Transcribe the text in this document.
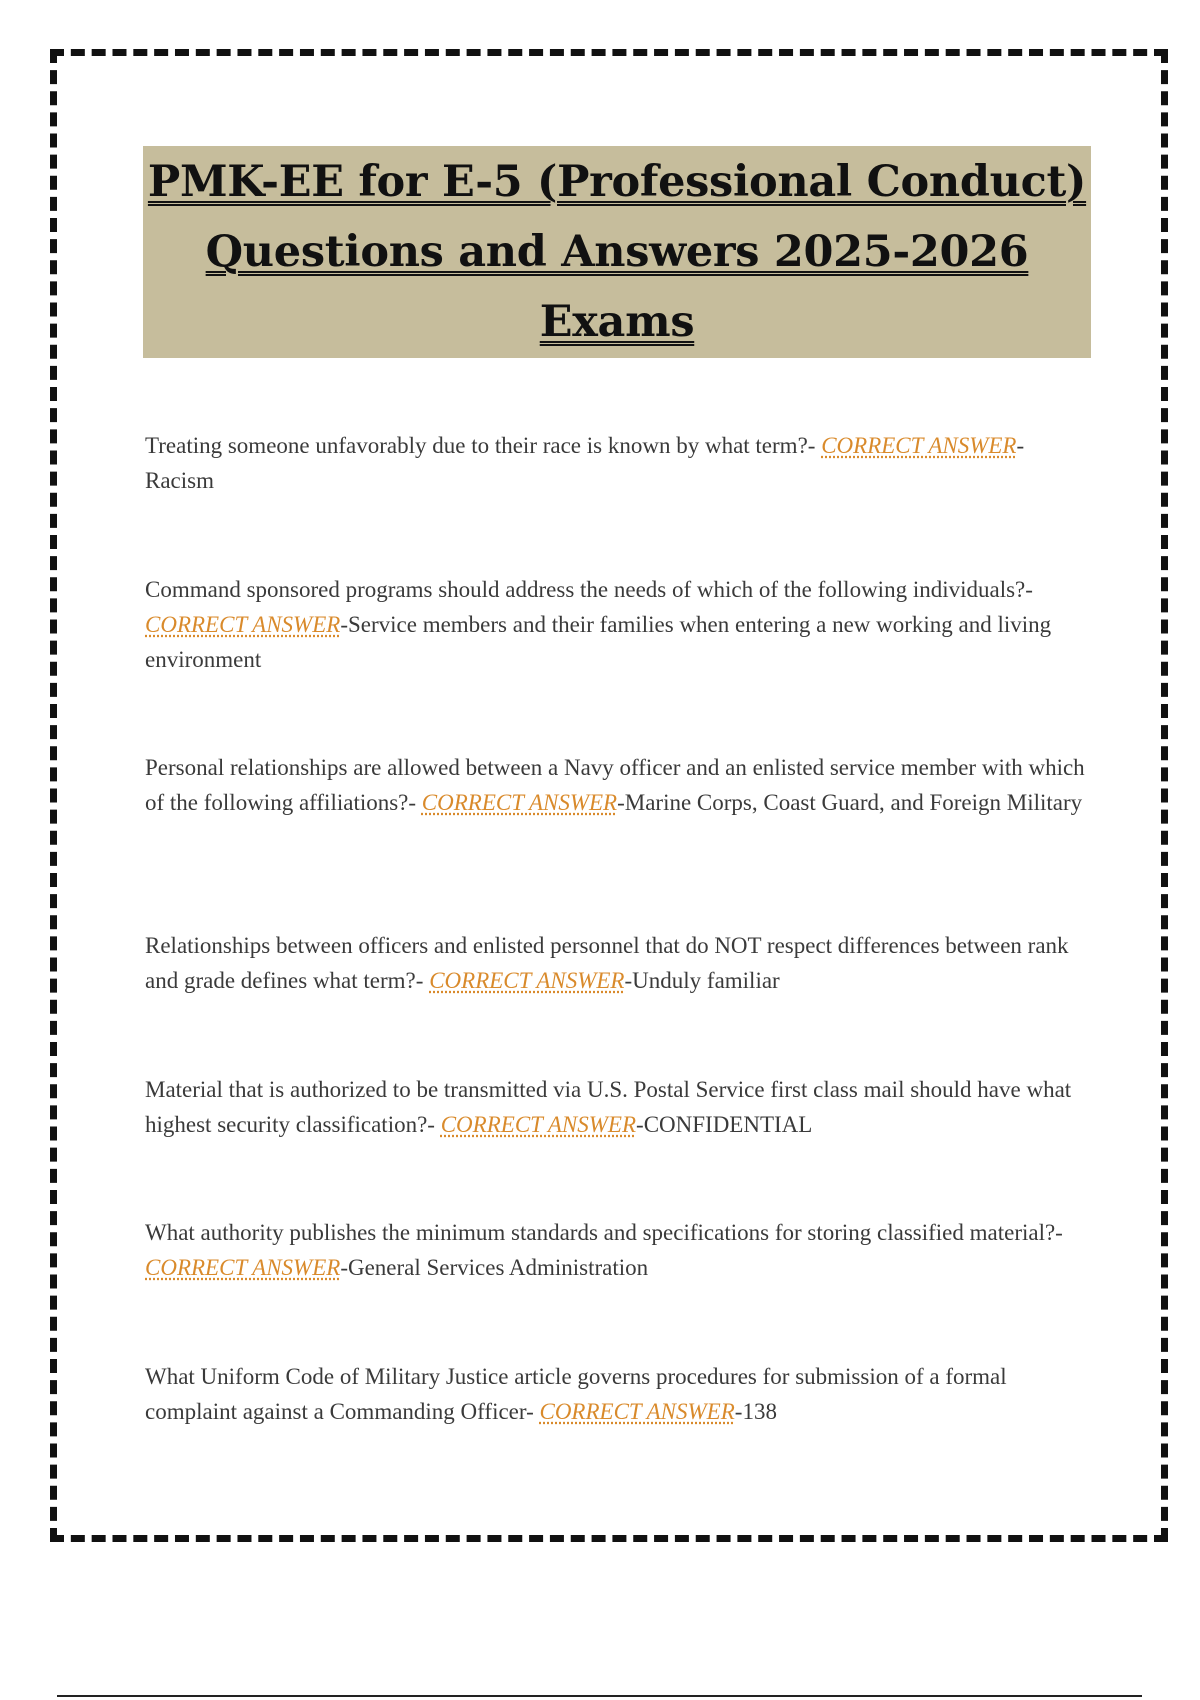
PMK-EE for E-5 (Professional Conduct)
Questions and Answers 2025-2026
Exams

Treating someone unfavorably due to their race is known by what term?- CORRECT ANSWER-Racism

Command sponsored programs should address the needs of which of the following individuals?- CORRECT ANSWER-Service members and their families when entering a new working and living environment

Personal relationships are allowed between a Navy officer and an enlisted service member with which of the following affiliations?- CORRECT ANSWER-Marine Corps, Coast Guard, and Foreign Military

Relationships between officers and enlisted personnel that do NOT respect differences between rank and grade defines what term?- CORRECT ANSWER-Unduly familiar

Material that is authorized to be transmitted via U.S. Postal Service first class mail should have what highest security classification?- CORRECT ANSWER-CONFIDENTIAL

What authority publishes the minimum standards and specifications for storing classified material?- CORRECT ANSWER-General Services Administration

What Uniform Code of Military Justice article governs procedures for submission of a formal complaint against a Commanding Officer- CORRECT ANSWER-138
